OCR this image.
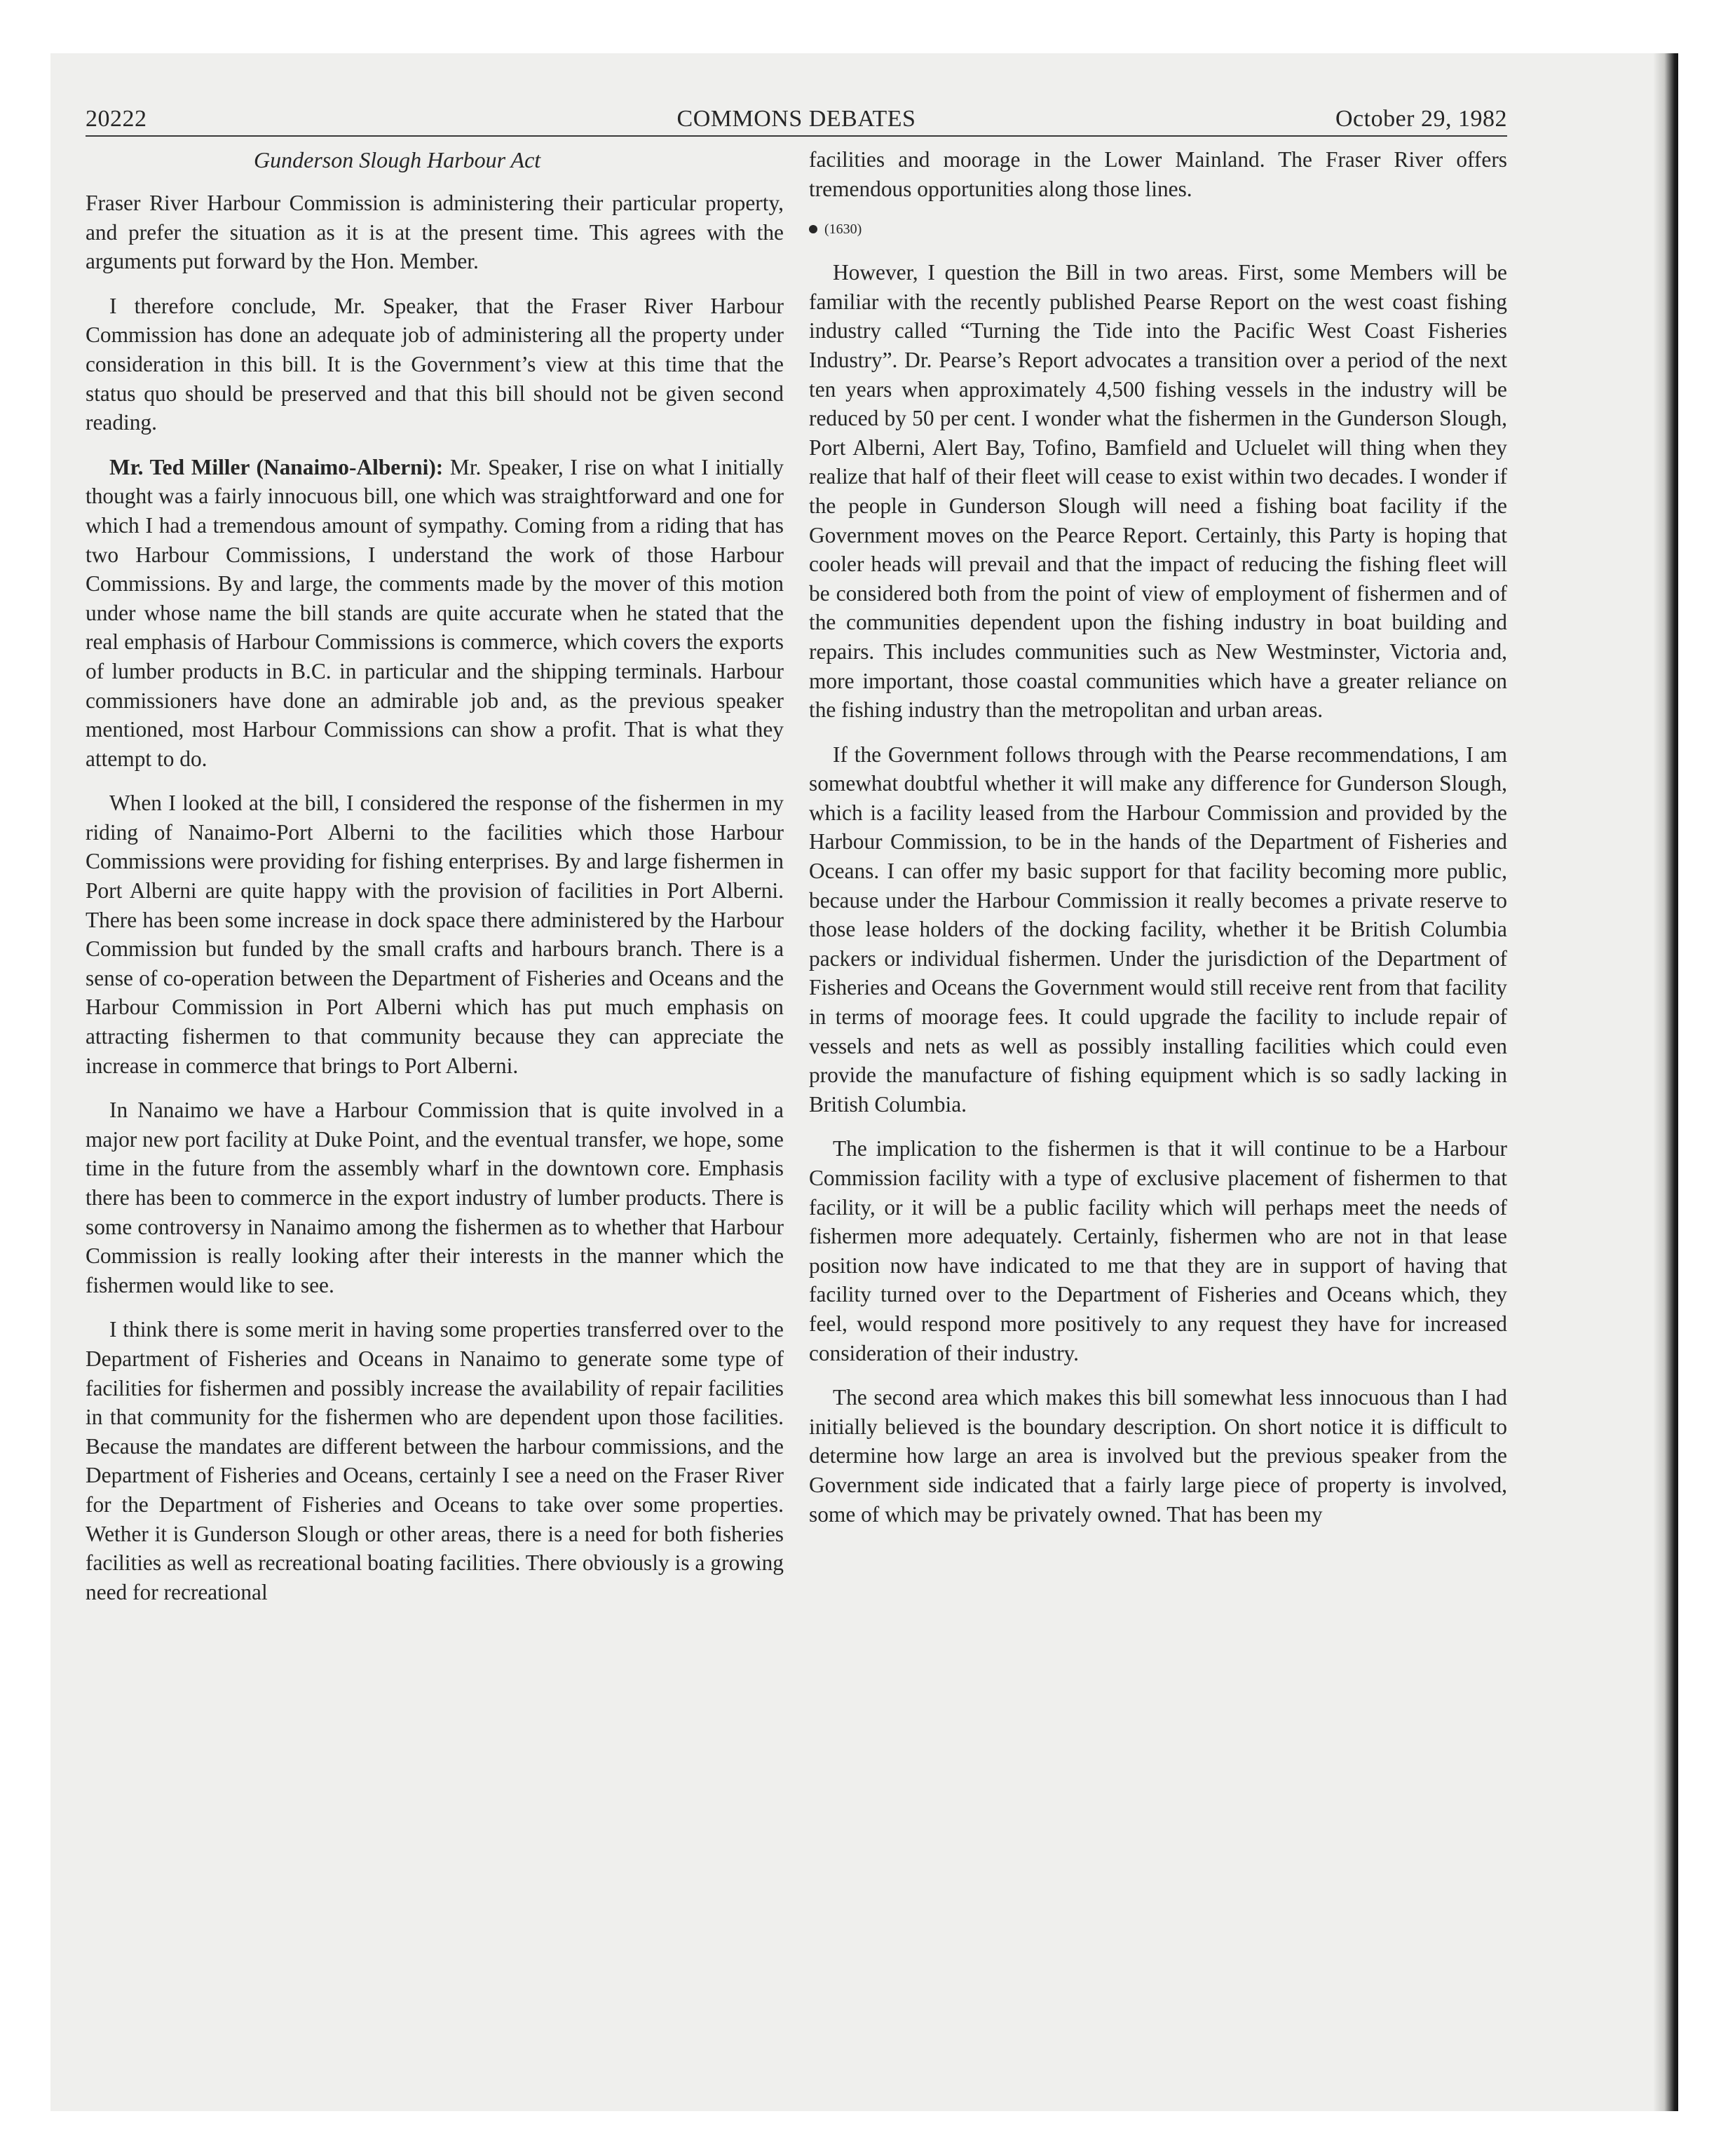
20222	COMMONS DEBATES	October 29, 1982
Gunderson Slough Harbour Act

Fraser River Harbour Commission is administering their particular property, and prefer the situation as it is at the present time. This agrees with the arguments put forward by the Hon. Member.

I therefore conclude, Mr. Speaker, that the Fraser River Harbour Commission has done an adequate job of administering all the property under consideration in this bill. It is the Government’s view at this time that the status quo should be preserved and that this bill should not be given second reading.

Mr. Ted Miller (Nanaimo-Alberni): Mr. Speaker, I rise on what I initially thought was a fairly innocuous bill, one which was straightforward and one for which I had a tremendous amount of sympathy. Coming from a riding that has two Harbour Commissions, I understand the work of those Harbour Commissions. By and large, the comments made by the mover of this motion under whose name the bill stands are quite accurate when he stated that the real emphasis of Harbour Commissions is commerce, which covers the exports of lumber products in B.C. in particular and the shipping terminals. Harbour commissioners have done an admirable job and, as the previous speaker mentioned, most Harbour Commissions can show a profit. That is what they attempt to do.

When I looked at the bill, I considered the response of the fishermen in my riding of Nanaimo-Port Alberni to the facilities which those Harbour Commissions were providing for fishing enterprises. By and large fishermen in Port Alberni are quite happy with the provision of facilities in Port Alberni. There has been some increase in dock space there administered by the Harbour Commission but funded by the small crafts and harbours branch. There is a sense of co-operation between the Department of Fisheries and Oceans and the Harbour Commission in Port Alberni which has put much emphasis on attracting fishermen to that community because they can appreciate the increase in commerce that brings to Port Alberni.

In Nanaimo we have a Harbour Commission that is quite involved in a major new port facility at Duke Point, and the eventual transfer, we hope, some time in the future from the assembly wharf in the downtown core. Emphasis there has been to commerce in the export industry of lumber products. There is some controversy in Nanaimo among the fishermen as to whether that Harbour Commission is really looking after their interests in the manner which the fishermen would like to see.

I think there is some merit in having some properties transferred over to the Department of Fisheries and Oceans in Nanaimo to generate some type of facilities for fishermen and possibly increase the availability of repair facilities in that community for the fishermen who are dependent upon those facilities. Because the mandates are different between the harbour commissions, and the Department of Fisheries and Oceans, certainly I see a need on the Fraser River for the Department of Fisheries and Oceans to take over some properties. Wether it is Gunderson Slough or other areas, there is a need for both fisheries facilities as well as recreational boating facilities. There obviously is a growing need for recreational

facilities and moorage in the Lower Mainland. The Fraser River offers tremendous opportunities along those lines.

(1630)

However, I question the Bill in two areas. First, some Members will be familiar with the recently published Pearse Report on the west coast fishing industry called “Turning the Tide into the Pacific West Coast Fisheries Industry”. Dr. Pearse’s Report advocates a transition over a period of the next ten years when approximately 4,500 fishing vessels in the industry will be reduced by 50 per cent. I wonder what the fishermen in the Gunderson Slough, Port Alberni, Alert Bay, Tofino, Bamfield and Ucluelet will thing when they realize that half of their fleet will cease to exist within two decades. I wonder if the people in Gunderson Slough will need a fishing boat facility if the Government moves on the Pearce Report. Certainly, this Party is hoping that cooler heads will prevail and that the impact of reducing the fishing fleet will be considered both from the point of view of employment of fishermen and of the communities dependent upon the fishing industry in boat building and repairs. This includes communities such as New Westminster, Victoria and, more important, those coastal communities which have a greater reliance on the fishing industry than the metropolitan and urban areas.

If the Government follows through with the Pearse recommendations, I am somewhat doubtful whether it will make any difference for Gunderson Slough, which is a facility leased from the Harbour Commission and provided by the Harbour Commission, to be in the hands of the Department of Fisheries and Oceans. I can offer my basic support for that facility becoming more public, because under the Harbour Commission it really becomes a private reserve to those lease holders of the docking facility, whether it be British Columbia packers or individual fishermen. Under the jurisdiction of the Department of Fisheries and Oceans the Government would still receive rent from that facility in terms of moorage fees. It could upgrade the facility to include repair of vessels and nets as well as possibly installing facilities which could even provide the manufacture of fishing equipment which is so sadly lacking in British Columbia.

The implication to the fishermen is that it will continue to be a Harbour Commission facility with a type of exclusive placement of fishermen to that facility, or it will be a public facility which will perhaps meet the needs of fishermen more adequately. Certainly, fishermen who are not in that lease position now have indicated to me that they are in support of having that facility turned over to the Department of Fisheries and Oceans which, they feel, would respond more positively to any request they have for increased consideration of their industry.

The second area which makes this bill somewhat less innocuous than I had initially believed is the boundary description. On short notice it is difficult to determine how large an area is involved but the previous speaker from the Government side indicated that a fairly large piece of property is involved, some of which may be privately owned. That has been my
